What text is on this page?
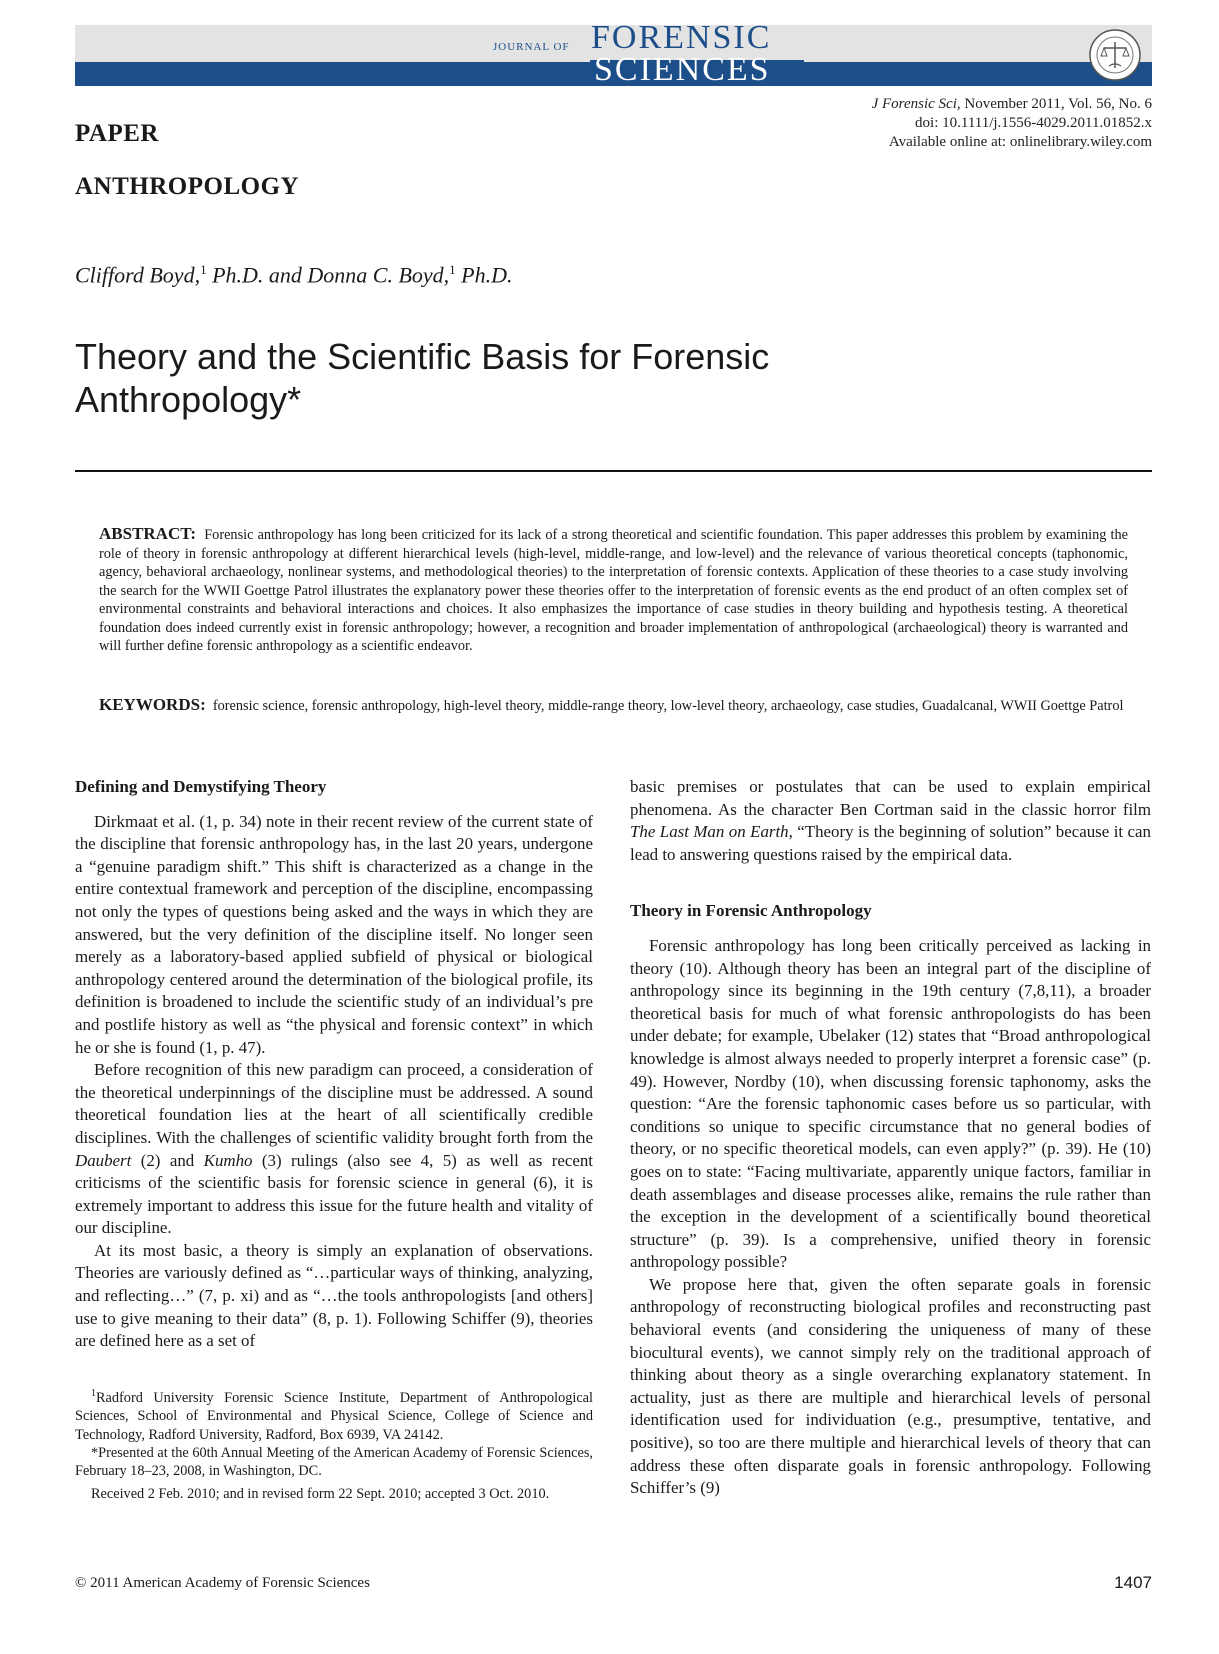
JOURNAL OF FORENSIC
SCIENCES
J Forensic Sci, November 2011, Vol. 56, No. 6
doi: 10.1111/j.1556-4029.2011.01852.x
Available online at: onlinelibrary.wiley.com
PAPER
ANTHROPOLOGY
Clifford Boyd,$^1$ Ph.D. and Donna C. Boyd,$^1$ Ph.D.
Theory and the Scientific Basis for Forensic Anthropology*
ABSTRACT: Forensic anthropology has long been criticized for its lack of a strong theoretical and scientific foundation. This paper addresses this problem by examining the role of theory in forensic anthropology at different hierarchical levels (high-level, middle-range, and low-level) and the relevance of various theoretical concepts (taphonomic, agency, behavioral archaeology, nonlinear systems, and methodological theories) to the interpretation of forensic contexts. Application of these theories to a case study involving the search for the WWII Goettge Patrol illustrates the explanatory power these theories offer to the interpretation of forensic events as the end product of an often complex set of environmental constraints and behavioral interactions and choices. It also emphasizes the importance of case studies in theory building and hypothesis testing. A theoretical foundation does indeed currently exist in forensic anthropology; however, a recognition and broader implementation of anthropological (archaeological) theory is warranted and will further define forensic anthropology as a scientific endeavor.
KEYWORDS: forensic science, forensic anthropology, high-level theory, middle-range theory, low-level theory, archaeology, case studies, Guadalcanal, WWII Goettge Patrol
Defining and Demystifying Theory

Dirkmaat et al. (1, p. 34) note in their recent review of the current state of the discipline that forensic anthropology has, in the last 20 years, undergone a “genuine paradigm shift.” This shift is characterized as a change in the entire contextual framework and perception of the discipline, encompassing not only the types of questions being asked and the ways in which they are answered, but the very definition of the discipline itself. No longer seen merely as a laboratory-based applied subfield of physical or biological anthropology centered around the determination of the biological profile, its definition is broadened to include the scientific study of an individual’s pre and postlife history as well as “the physical and forensic context” in which he or she is found (1, p. 47).

Before recognition of this new paradigm can proceed, a consideration of the theoretical underpinnings of the discipline must be addressed. A sound theoretical foundation lies at the heart of all scientifically credible disciplines. With the challenges of scientific validity brought forth from the Daubert (2) and Kumho (3) rulings (also see 4, 5) as well as recent criticisms of the scientific basis for forensic science in general (6), it is extremely important to address this issue for the future health and vitality of our discipline.

At its most basic, a theory is simply an explanation of observations. Theories are variously defined as “…particular ways of thinking, analyzing, and reflecting…” (7, p. xi) and as “…the tools anthropologists [and others] use to give meaning to their data” (8, p. 1). Following Schiffer (9), theories are defined here as a set of

$^1$Radford University Forensic Science Institute, Department of Anthropological Sciences, School of Environmental and Physical Science, College of Science and Technology, Radford University, Radford, Box 6939, VA 24142.

*Presented at the 60th Annual Meeting of the American Academy of Forensic Sciences, February 18–23, 2008, in Washington, DC.

Received 2 Feb. 2010; and in revised form 22 Sept. 2010; accepted 3 Oct. 2010.

basic premises or postulates that can be used to explain empirical phenomena. As the character Ben Cortman said in the classic horror film The Last Man on Earth, “Theory is the beginning of solution” because it can lead to answering questions raised by the empirical data.

Theory in Forensic Anthropology

Forensic anthropology has long been critically perceived as lacking in theory (10). Although theory has been an integral part of the discipline of anthropology since its beginning in the 19th century (7,8,11), a broader theoretical basis for much of what forensic anthropologists do has been under debate; for example, Ubelaker (12) states that “Broad anthropological knowledge is almost always needed to properly interpret a forensic case” (p. 49). However, Nordby (10), when discussing forensic taphonomy, asks the question: “Are the forensic taphonomic cases before us so particular, with conditions so unique to specific circumstance that no general bodies of theory, or no specific theoretical models, can even apply?” (p. 39). He (10) goes on to state: “Facing multivariate, apparently unique factors, familiar in death assemblages and disease processes alike, remains the rule rather than the exception in the development of a scientifically bound theoretical structure” (p. 39). Is a comprehensive, unified theory in forensic anthropology possible?

We propose here that, given the often separate goals in forensic anthropology of reconstructing biological profiles and reconstructing past behavioral events (and considering the uniqueness of many of these biocultural events), we cannot simply rely on the traditional approach of thinking about theory as a single overarching explanatory statement. In actuality, just as there are multiple and hierarchical levels of personal identification used for individuation (e.g., presumptive, tentative, and positive), so too are there multiple and hierarchical levels of theory that can address these often disparate goals in forensic anthropology. Following Schiffer’s (9)

© 2011 American Academy of Forensic Sciences	1407
